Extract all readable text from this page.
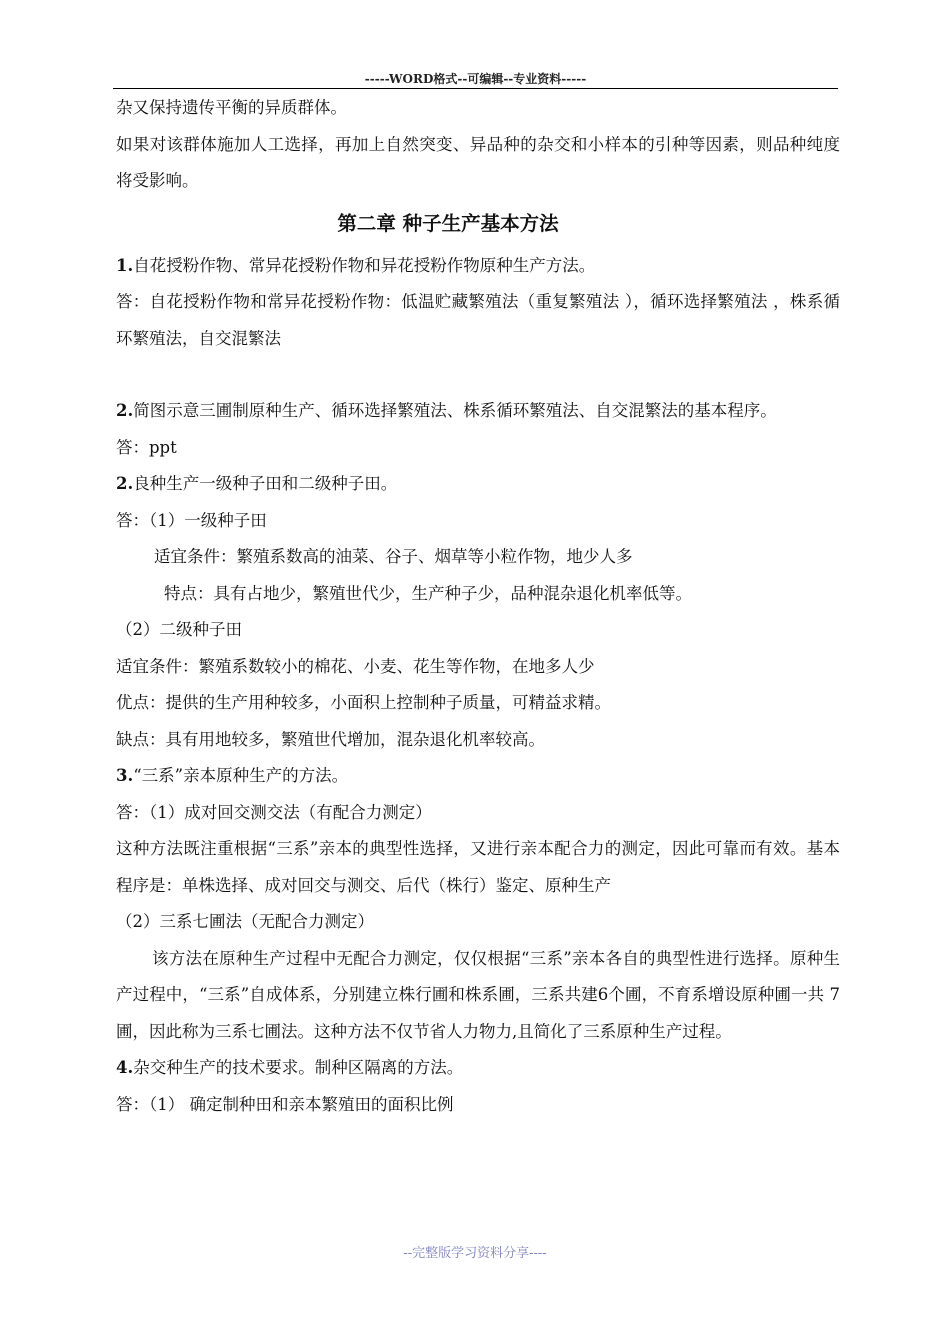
-----WORD格式--可编辑--专业资料-----

杂又保持遗传平衡的异质群体。

如果对该群体施加人工选择，再加上自然突变、异品种的杂交和小样本的引种等因素，则品种纯度将受影响。

第二章 种子生产基本方法

1.自花授粉作物、常异花授粉作物和异花授粉作物原种生产方法。

答：自花授粉作物和常异花授粉作物：低温贮藏繁殖法（重复繁殖法 ），循环选择繁殖法 ，株系循环繁殖法，自交混繁法

2.简图示意三圃制原种生产、循环选择繁殖法、株系循环繁殖法、自交混繁法的基本程序。

答：ppt

2.良种生产一级种子田和二级种子田。

答：（1）一级种子田

适宜条件：繁殖系数高的油菜、谷子、烟草等小粒作物，地少人多

特点：具有占地少，繁殖世代少，生产种子少，品种混杂退化机率低等。

（2）二级种子田

适宜条件：繁殖系数较小的棉花、小麦、花生等作物，在地多人少

优点：提供的生产用种较多，小面积上控制种子质量，可精益求精。

缺点：具有用地较多，繁殖世代增加，混杂退化机率较高。

3.“三系”亲本原种生产的方法。

答：（1）成对回交测交法（有配合力测定）

这种方法既注重根据“三系”亲本的典型性选择，又进行亲本配合力的测定，因此可靠而有效。基本程序是：单株选择、成对回交与测交、后代（株行）鉴定、原种生产

（2）三系七圃法（无配合力测定）

该方法在原种生产过程中无配合力测定，仅仅根据“三系”亲本各自的典型性进行选择。原种生产过程中，“三系”自成体系，分别建立株行圃和株系圃，三系共建6个圃，不育系增设原种圃一共 7 圃，因此称为三系七圃法。这种方法不仅节省人力物力,且简化了三系原种生产过程。

4.杂交种生产的技术要求。制种区隔离的方法。

答：（1） 确定制种田和亲本繁殖田的面积比例

--完整版学习资料分享----
